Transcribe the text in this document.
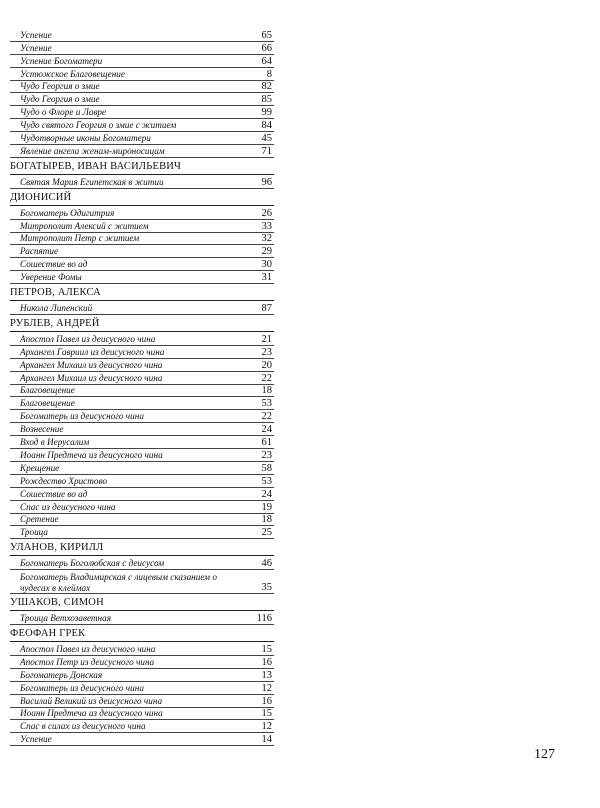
Успение	65
Успение	66
Успение Богоматери	64
Устюжское Благовещение	8
Чудо Георгия о змие	82
Чудо Георгия о змие	85
Чудо о Флоре и Лавре	99
Чудо святого Георгия о змие с житием	84
Чудотворные иконы Богоматери	45
Явление ангела женам-мироносицам	71
БОГАТЫРЕВ, ИВАН ВАСИЛЬЕВИЧ
Святая Мария Египетская в житии	96
ДИОНИСИЙ
Богоматерь Одигитрия	26
Митрополит Алексий с житием	33
Митрополит Петр с житием	32
Распятие	29
Сошествие во ад	30
Уверение Фомы	31
ПЕТРОВ, АЛЕКСА
Никола Липенский	87
РУБЛЕВ, АНДРЕЙ
Апостол Павел из деисусного чина	21
Архангел Гавриил из деисусного чина	23
Архангел Михаил из деисусного чина	20
Архангел Михаил из деисусного чина	22
Благовещение	18
Благовещение	53
Богоматерь из деисусного чина	22
Вознесение	24
Вход в Иерусалим	61
Иоанн Предтеча из деисусного чина	23
Крещение	58
Рождество Христово	53
Сошествие во ад	24
Спас из деисусного чина	19
Сретение	18
Троица	25
УЛАНОВ, КИРИЛЛ
Богоматерь Боголюбская с деисусом	46
Богоматерь Владимирская с лицевым сказанием о чудесах в клеймах	35
УШАКОВ, СИМОН
Троица Ветхозаветная	116
ФЕОФАН ГРЕК
Апостол Павел из деисусного чина	15
Апостол Петр из деисусного чина	16
Богоматерь Донская	13
Богоматерь из деисусного чина	12
Василий Великий из деисусного чина	16
Иоанн Предтеча из деисусного чина	15
Спас в силах из деисусного чина	12
Успение	14
127
